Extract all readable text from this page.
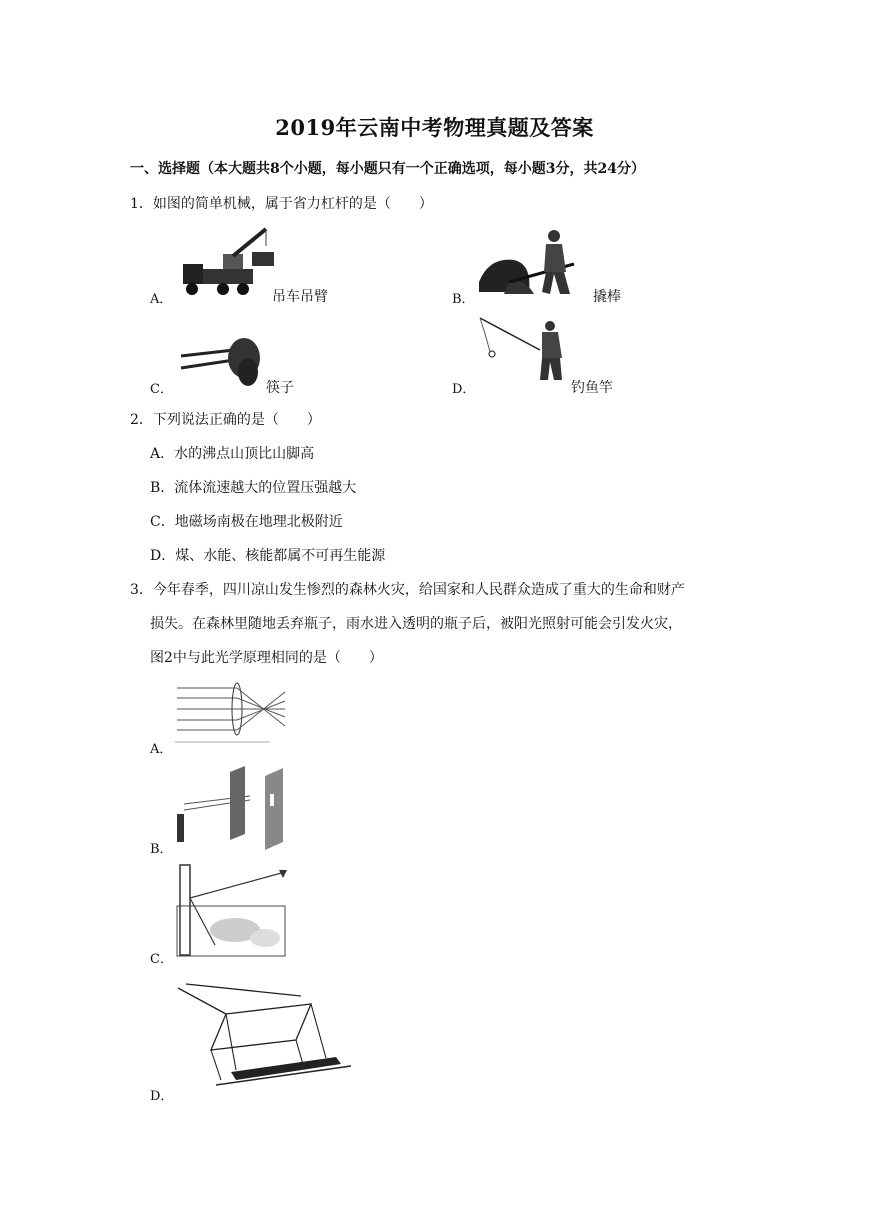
2019年云南中考物理真题及答案
一、选择题（本大题共8个小题，每小题只有一个正确选项，每小题3分，共24分）
1．如图的简单机械，属于省力杠杆的是（　　）
A．	吊车吊臂	B．	撬棒
C．	筷子	D．	钓鱼竿
2．下列说法正确的是（　　）
A．水的沸点山顶比山脚高
B．流体流速越大的位置压强越大
C．地磁场南极在地理北极附近
D．煤、水能、核能都属不可再生能源
3．今年春季，四川凉山发生惨烈的森林火灾，给国家和人民群众造成了重大的生命和财产
损失。在森林里随地丢弃瓶子，雨水进入透明的瓶子后，被阳光照射可能会引发火灾，
图2中与此光学原理相同的是（　　）
A．
B．
C．
D．
